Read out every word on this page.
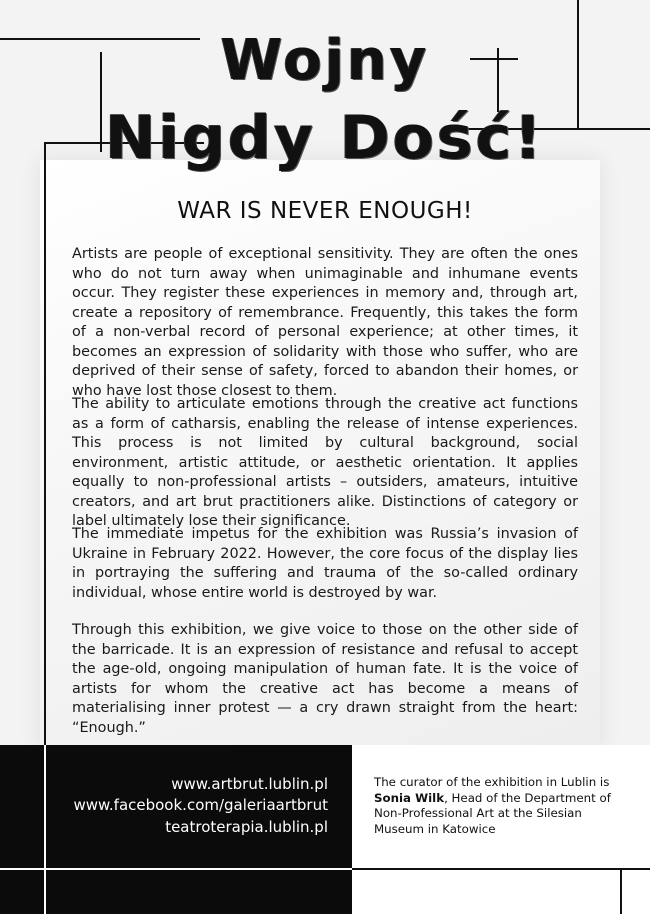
Wojny
Nigdy Dość!
WAR IS NEVER ENOUGH!

Artists are people of exceptional sensitivity. They are often the ones who do not turn away when unimaginable and inhumane events occur. They register these experiences in memory and, through art, create a repository of remembrance. Frequently, this takes the form of a non-verbal record of personal experience; at other times, it becomes an expression of solidarity with those who suffer, who are deprived of their sense of safety, forced to abandon their homes, or who have lost those closest to them.

The ability to articulate emotions through the creative act functions as a form of catharsis, enabling the release of intense experiences. This process is not limited by cultural background, social environment, artistic attitude, or aesthetic orientation. It applies equally to non-professional artists – outsiders, amateurs, intuitive creators, and art brut practitioners alike. Distinctions of category or label ultimately lose their significance.

The immediate impetus for the exhibition was Russia’s invasion of Ukraine in February 2022. However, the core focus of the display lies in portraying the suffering and trauma of the so-called ordinary individual, whose entire world is destroyed by war.

Through this exhibition, we give voice to those on the other side of the barricade. It is an expression of resistance and refusal to accept the age-old, ongoing manipulation of human fate. It is the voice of artists for whom the creative act has become a means of materialising inner protest — a cry drawn straight from the heart: “Enough.”

www.artbrut.lublin.pl
www.facebook.com/galeriaartbrut
teatroterapia.lublin.pl

The curator of the exhibition in Lublin is Sonia Wilk, Head of the Department of Non-Professional Art at the Silesian Museum in Katowice
